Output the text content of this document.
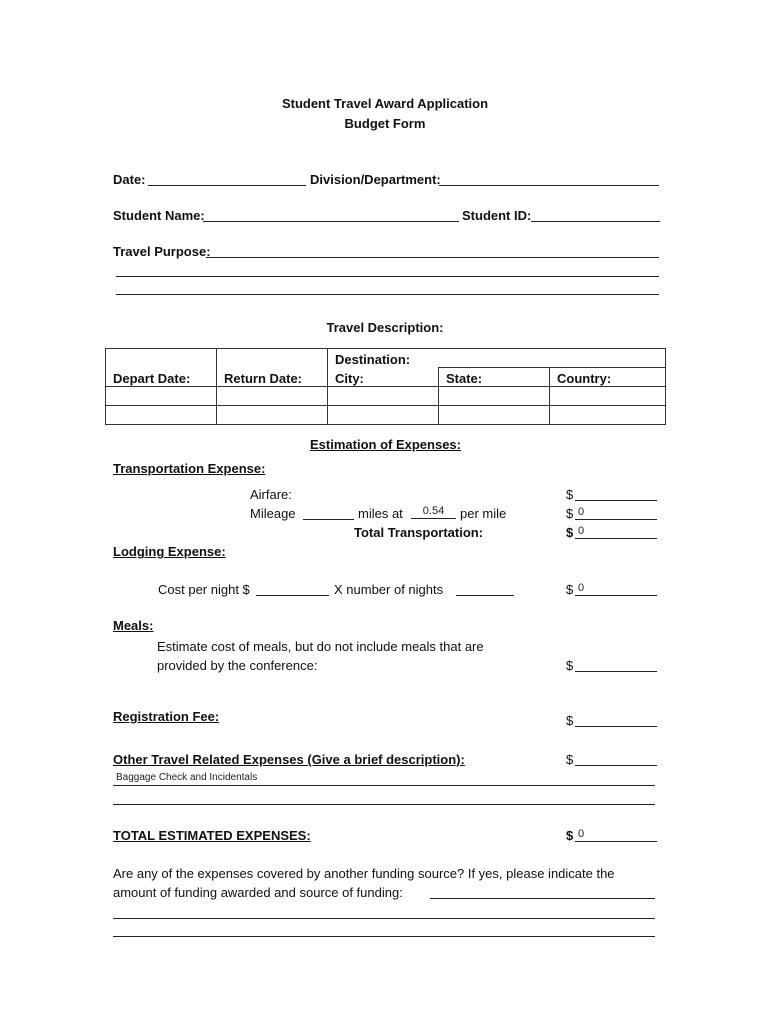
Student Travel Award Application
Budget Form
Date:	Division/Department:
Student Name:	Student ID:
Travel Purpose:
Travel Description:
		Destination:		
Depart Date:	Return Date:	City:	State:	Country:

Estimation of Expenses:
Transportation Expense:
Airfare:	$
Mileage	miles at	0.54	per mile	$ 0
Total Transportation:	$ 0
Lodging Expense:
Cost per night $	X number of nights	$ 0
Meals:
Estimate cost of meals, but do not include meals that are
provided by the conference:	$
Registration Fee:	$
Other Travel Related Expenses (Give a brief description):	$
Baggage Check and Incidentals
TOTAL ESTIMATED EXPENSES:	$ 0
Are any of the expenses covered by another funding source? If yes, please indicate the
amount of funding awarded and source of funding:
